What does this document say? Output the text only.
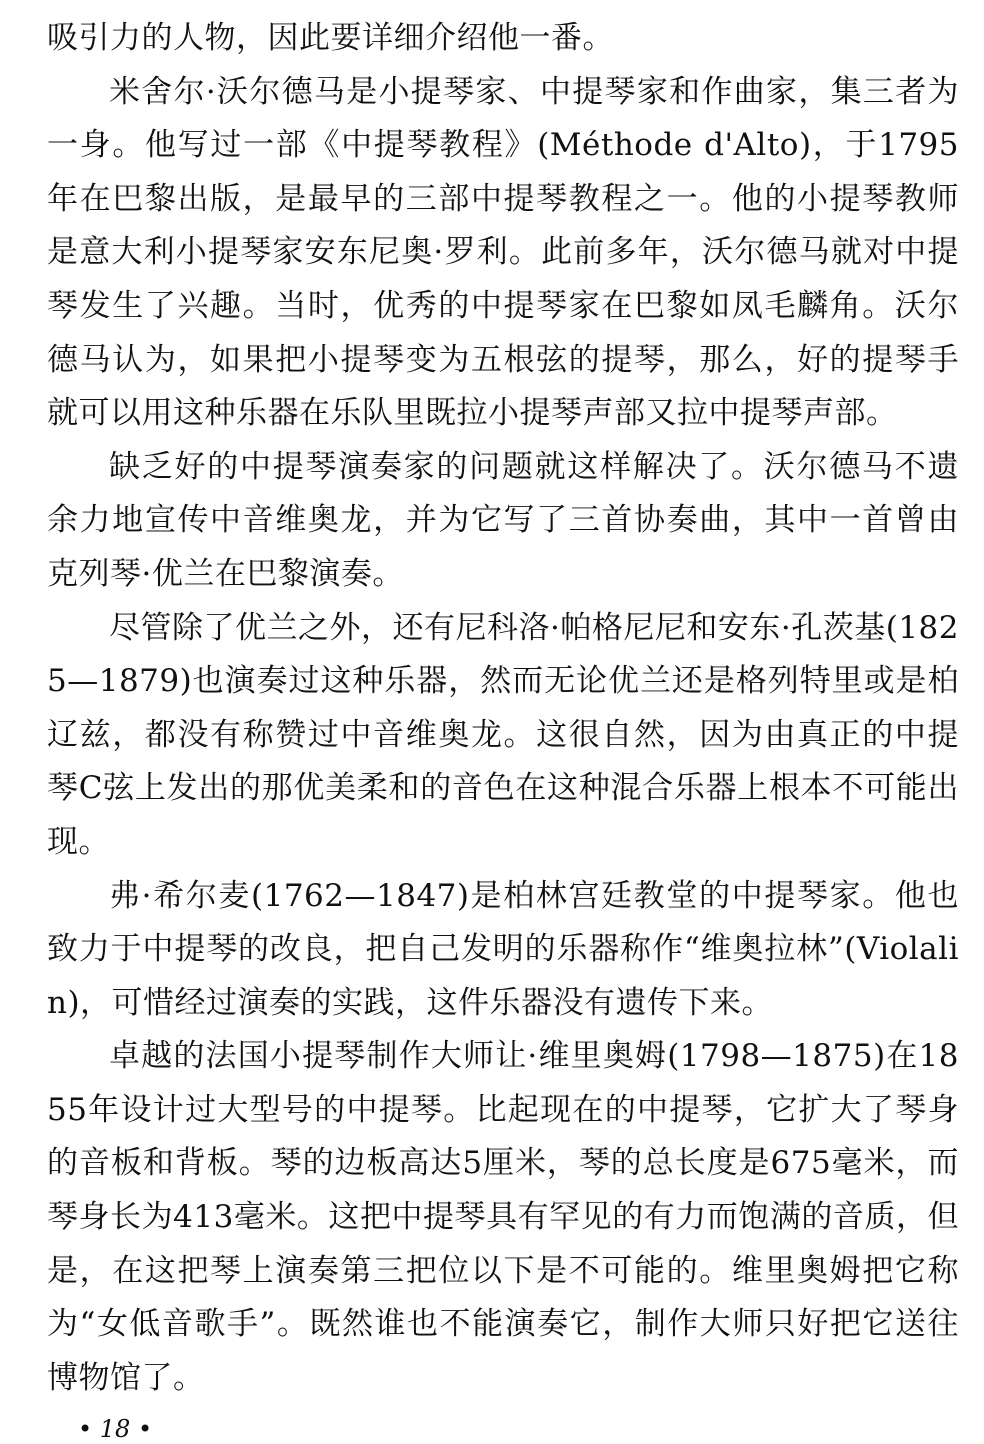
吸引力的人物，因此要详细介绍他一番。

米舍尔·沃尔德马是小提琴家、中提琴家和作曲家，集三者为一身。他写过一部《中提琴教程》(Méthode d'Alto)，于1795年在巴黎出版，是最早的三部中提琴教程之一。他的小提琴教师是意大利小提琴家安东尼奥·罗利。此前多年，沃尔德马就对中提琴发生了兴趣。当时，优秀的中提琴家在巴黎如凤毛麟角。沃尔德马认为，如果把小提琴变为五根弦的提琴，那么，好的提琴手就可以用这种乐器在乐队里既拉小提琴声部又拉中提琴声部。

缺乏好的中提琴演奏家的问题就这样解决了。沃尔德马不遗余力地宣传中音维奥龙，并为它写了三首协奏曲，其中一首曾由克列琴·优兰在巴黎演奏。

尽管除了优兰之外，还有尼科洛·帕格尼尼和安东·孔茨基(1825—1879)也演奏过这种乐器，然而无论优兰还是格列特里或是柏辽兹，都没有称赞过中音维奥龙。这很自然，因为由真正的中提琴C弦上发出的那优美柔和的音色在这种混合乐器上根本不可能出现。

弗·希尔麦(1762—1847)是柏林宫廷教堂的中提琴家。他也致力于中提琴的改良，把自己发明的乐器称作“维奥拉林”(Violalin)，可惜经过演奏的实践，这件乐器没有遗传下来。

卓越的法国小提琴制作大师让·维里奥姆(1798—1875)在1855年设计过大型号的中提琴。比起现在的中提琴，它扩大了琴身的音板和背板。琴的边板高达5厘米，琴的总长度是675毫米，而琴身长为413毫米。这把中提琴具有罕见的有力而饱满的音质，但是，在这把琴上演奏第三把位以下是不可能的。维里奥姆把它称为“女低音歌手”。既然谁也不能演奏它，制作大师只好把它送往博物馆了。

• 18 •
